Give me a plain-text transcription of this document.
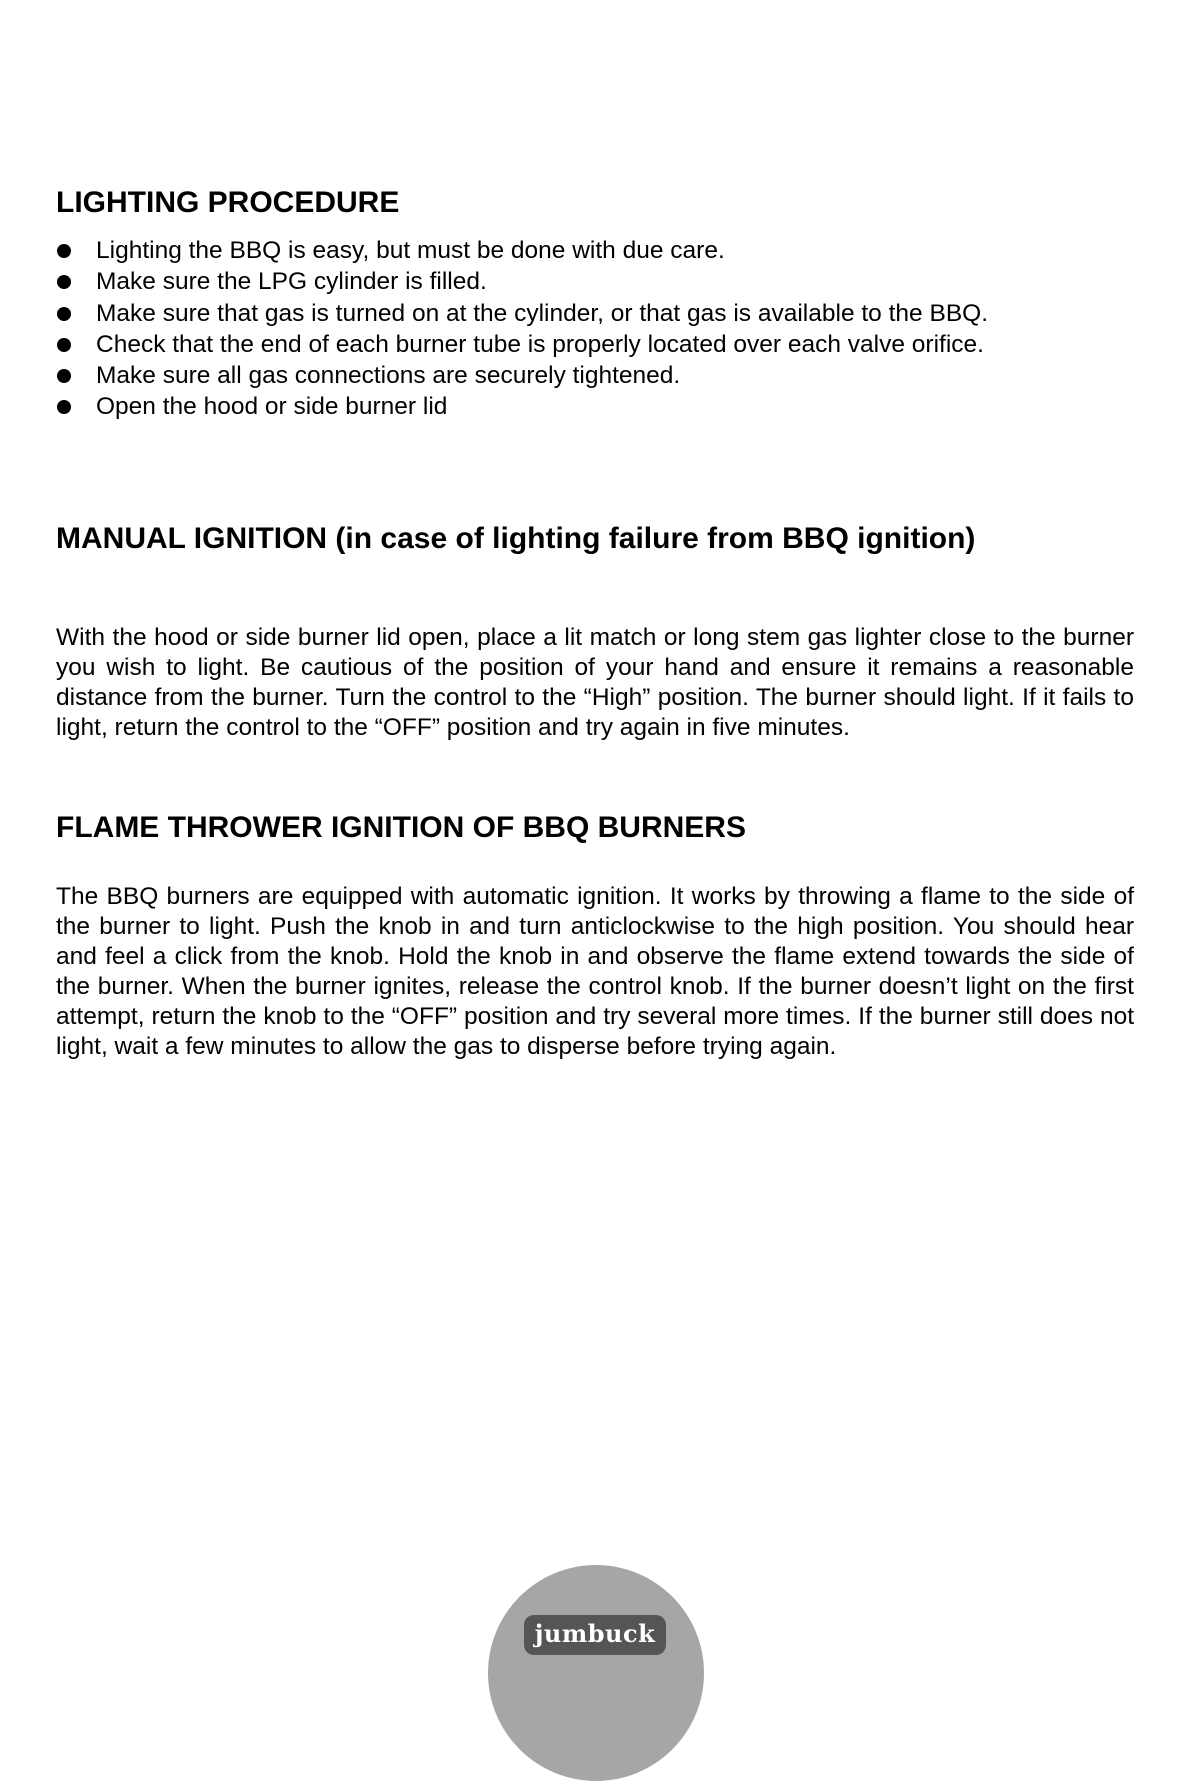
LIGHTING PROCEDURE
Lighting the BBQ is easy, but must be done with due care.
Make sure the LPG cylinder is filled.
Make sure that gas is turned on at the cylinder, or that gas is available to the BBQ.
Check that the end of each burner tube is properly located over each valve orifice.
Make sure all gas connections are securely tightened.
Open the hood or side burner lid
MANUAL IGNITION (in case of lighting failure from BBQ ignition)

With the hood or side burner lid open, place a lit match or long stem gas lighter close to the burner you wish to light. Be cautious of the position of your hand and ensure it remains a reasonable distance from the burner. Turn the control to the “High” position. The burner should light. If it fails to light, return the control to the “OFF” position and try again in five minutes.

FLAME THROWER IGNITION OF BBQ BURNERS

The BBQ burners are equipped with automatic ignition. It works by throwing a flame to the side of the burner to light. Push the knob in and turn anticlockwise to the high position. You should hear and feel a click from the knob. Hold the knob in and observe the flame extend towards the side of the burner. When the burner ignites, release the control knob. If the burner doesn’t light on the first attempt, return the knob to the “OFF” position and try several more times. If the burner still does not light, wait a few minutes to allow the gas to disperse before trying again.

jumbuck
